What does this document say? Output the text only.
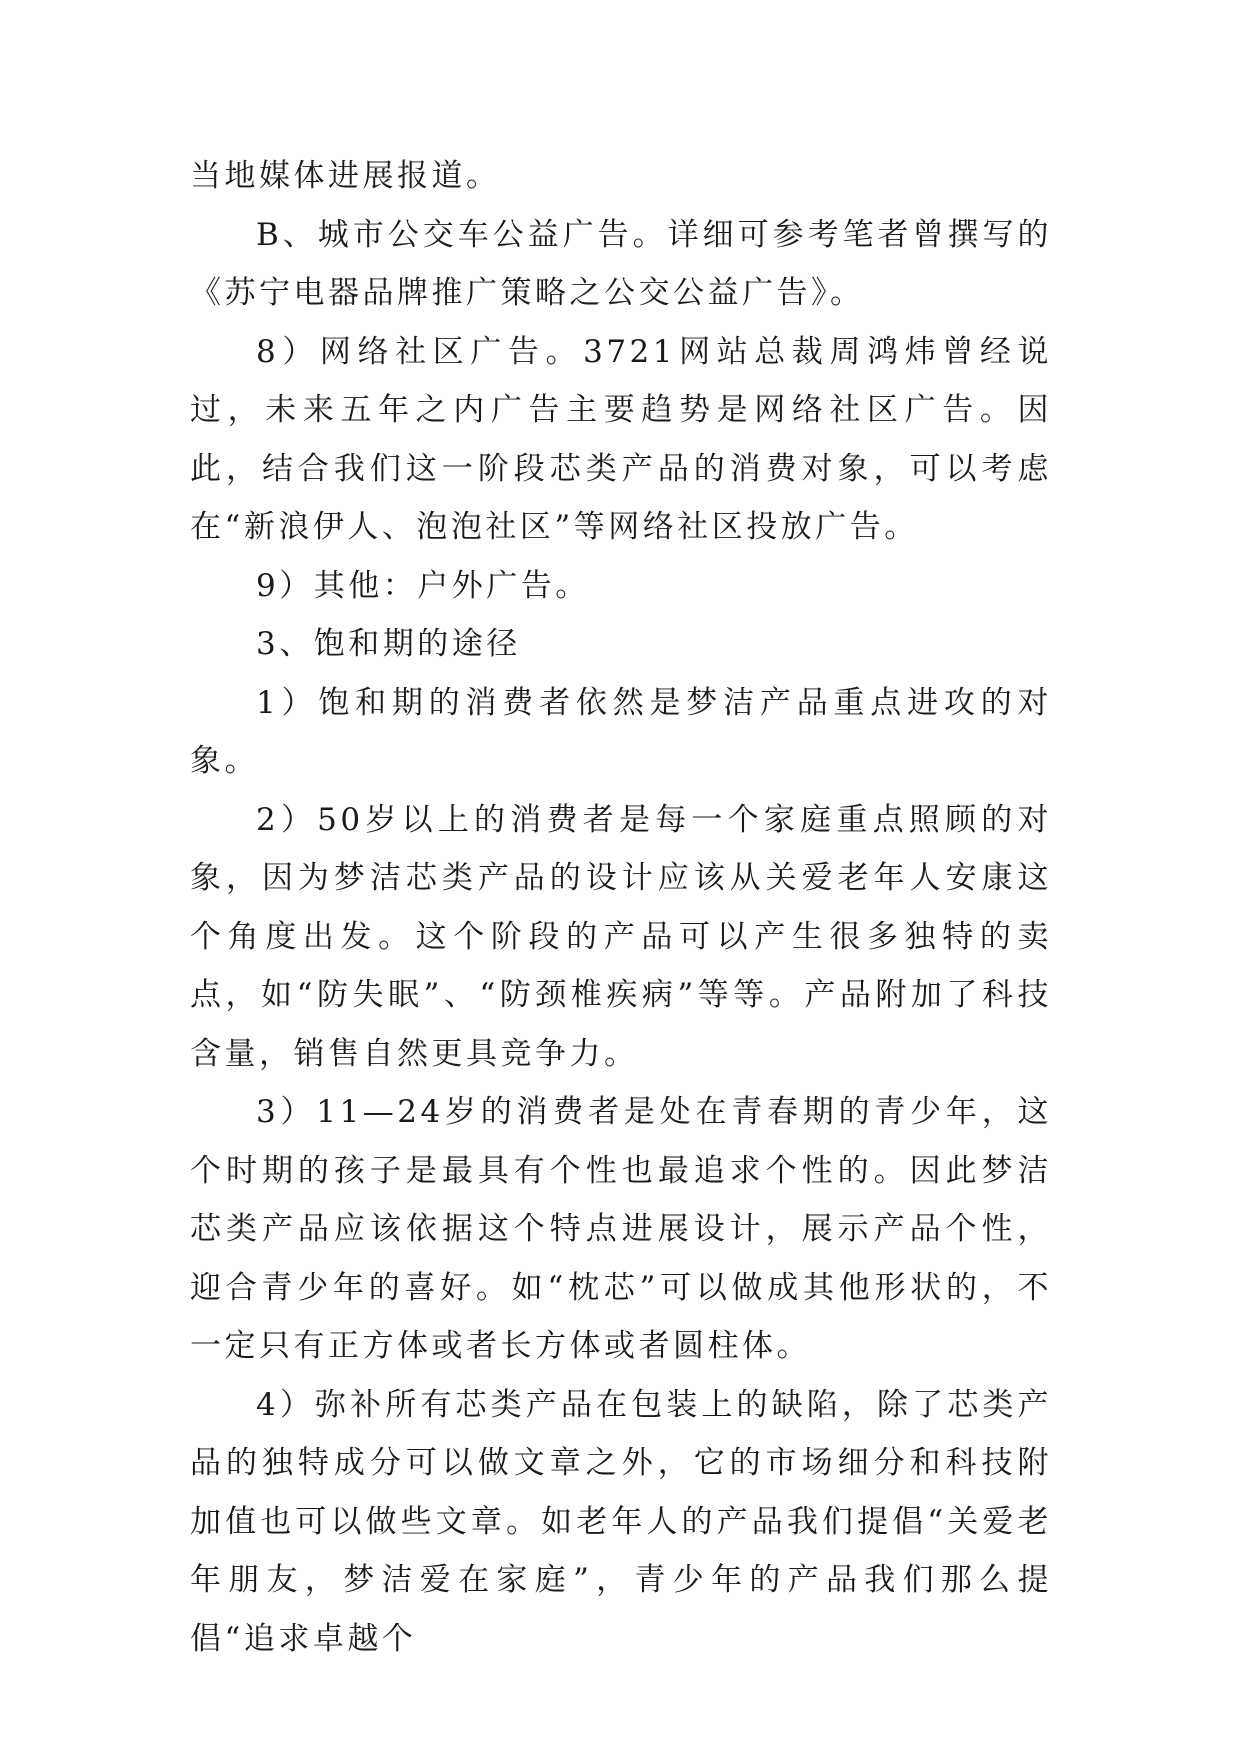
当地媒体进展报道。

B、城市公交车公益广告。详细可参考笔者曾撰写的《苏宁电器品牌推广策略之公交公益广告》。

8）网络社区广告。3721网站总裁周鸿炜曾经说过，未来五年之内广告主要趋势是网络社区广告。因此，结合我们这一阶段芯类产品的消费对象，可以考虑在“新浪伊人、泡泡社区”等网络社区投放广告。

9）其他：户外广告。

3、饱和期的途径

1）饱和期的消费者依然是梦洁产品重点进攻的对象。

2）50岁以上的消费者是每一个家庭重点照顾的对象，因为梦洁芯类产品的设计应该从关爱老年人安康这个角度出发。这个阶段的产品可以产生很多独特的卖点，如“防失眠”、“防颈椎疾病”等等。产品附加了科技含量，销售自然更具竞争力。

3）11—24岁的消费者是处在青春期的青少年，这个时期的孩子是最具有个性也最追求个性的。因此梦洁芯类产品应该依据这个特点进展设计，展示产品个性，迎合青少年的喜好。如“枕芯”可以做成其他形状的，不一定只有正方体或者长方体或者圆柱体。

4）弥补所有芯类产品在包装上的缺陷，除了芯类产品的独特成分可以做文章之外，它的市场细分和科技附加值也可以做些文章。如老年人的产品我们提倡“关爱老年朋友，梦洁爱在家庭”，青少年的产品我们那么提倡“追求卓越个
